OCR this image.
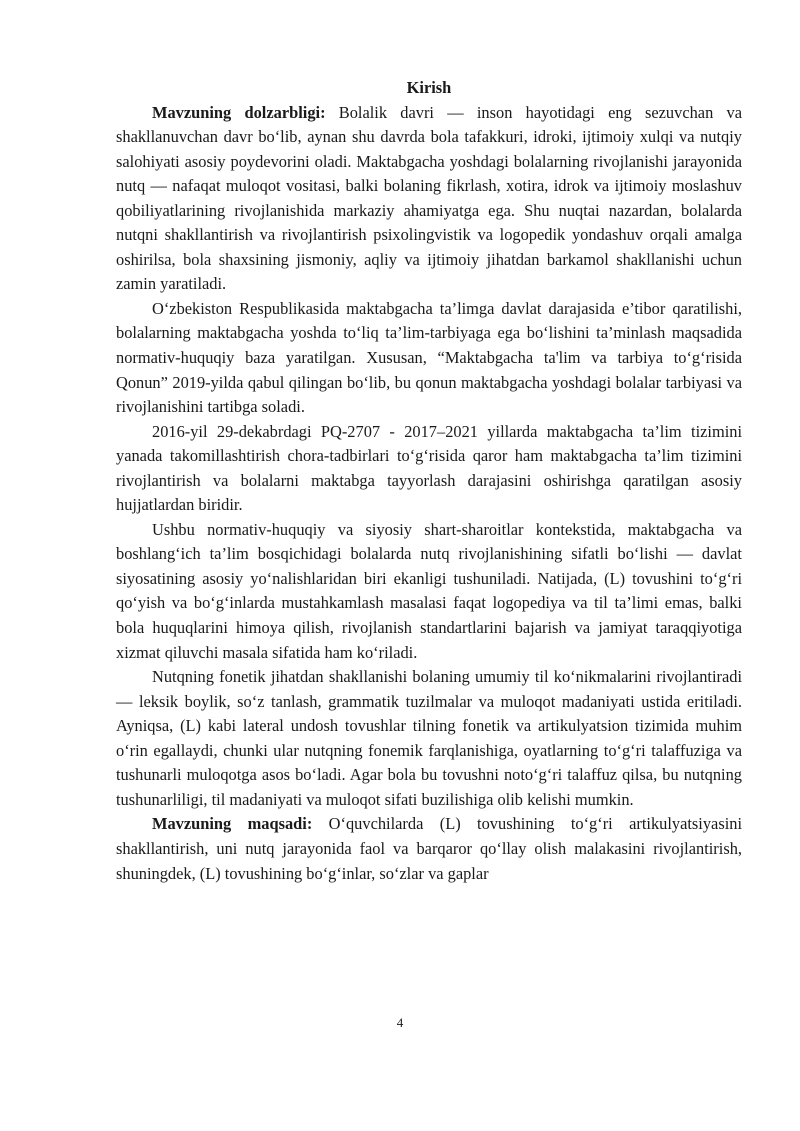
Kirish

Mavzuning dolzarbligi: Bolalik davri — inson hayotidagi eng sezuvchan va shakllanuvchan davr bo‘lib, aynan shu davrda bola tafakkuri, idroki, ijtimoiy xulqi va nutqiy salohiyati asosiy poydevorini oladi. Maktabgacha yoshdagi bolalarning rivojlanishi jarayonida nutq — nafaqat muloqot vositasi, balki bolaning fikrlash, xotira, idrok va ijtimoiy moslashuv qobiliyatlarining rivojlanishida markaziy ahamiyatga ega. Shu nuqtai nazardan, bolalarda nutqni shakllantirish va rivojlantirish psixolingvistik va logopedik yondashuv orqali amalga oshirilsa, bola shaxsining jismoniy, aqliy va ijtimoiy jihatdan barkamol shakllanishi uchun zamin yaratiladi.

O‘zbekiston Respublikasida maktabgacha ta’limga davlat darajasida e’tibor qaratilishi, bolalarning maktabgacha yoshda to‘liq ta’lim-tarbiyaga ega bo‘lishini ta’minlash maqsadida normativ-huquqiy baza yaratilgan. Xususan, “Maktabgacha ta'lim va tarbiya to‘g‘risida Qonun” 2019-yilda qabul qilingan bo‘lib, bu qonun maktabgacha yoshdagi bolalar tarbiyasi va rivojlanishini tartibga soladi.

2016-yil 29-dekabrdagi PQ-2707 - 2017–2021 yillarda maktabgacha ta’lim tizimini yanada takomillashtirish chora-tadbirlari to‘g‘risida qaror ham maktabgacha ta’lim tizimini rivojlantirish va bolalarni maktabga tayyorlash darajasini oshirishga qaratilgan asosiy hujjatlardan biridir.

Ushbu normativ-huquqiy va siyosiy shart-sharoitlar kontekstida, maktabgacha va boshlang‘ich ta’lim bosqichidagi bolalarda nutq rivojlanishining sifatli bo‘lishi — davlat siyosatining asosiy yo‘nalishlaridan biri ekanligi tushuniladi. Natijada, (L) tovushini to‘g‘ri qo‘yish va bo‘g‘inlarda mustahkamlash masalasi faqat logopediya va til ta’limi emas, balki bola huquqlarini himoya qilish, rivojlanish standartlarini bajarish va jamiyat taraqqiyotiga xizmat qiluvchi masala sifatida ham ko‘riladi.

Nutqning fonetik jihatdan shakllanishi bolaning umumiy til ko‘nikmalarini rivojlantiradi — leksik boylik, so‘z tanlash, grammatik tuzilmalar va muloqot madaniyati ustida eritiladi. Ayniqsa, (L) kabi lateral undosh tovushlar tilning fonetik va artikulyatsion tizimida muhim o‘rin egallaydi, chunki ular nutqning fonemik farqlanishiga, oyatlarning to‘g‘ri talaffuziga va tushunarli muloqotga asos bo‘ladi. Agar bola bu tovushni noto‘g‘ri talaffuz qilsa, bu nutqning tushunarliligi, til madaniyati va muloqot sifati buzilishiga olib kelishi mumkin.

Mavzuning maqsadi: O‘quvchilarda (L) tovushining to‘g‘ri artikulyatsiyasini shakllantirish, uni nutq jarayonida faol va barqaror qo‘llay olish malakasini rivojlantirish, shuningdek, (L) tovushining bo‘g‘inlar, so‘zlar va gaplar

4
